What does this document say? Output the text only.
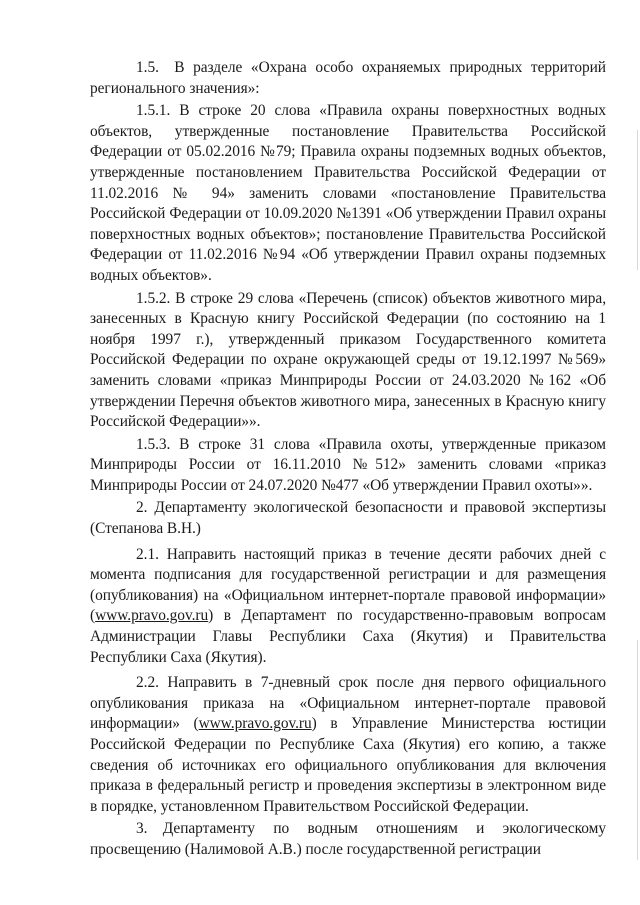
1.5. В разделе «Охрана особо охраняемых природных территорий регионального значения»:

1.5.1. В строке 20 слова «Правила охраны поверхностных водных объектов, утвержденные постановление Правительства Российской Федерации от 05.02.2016 №79; Правила охраны подземных водных объектов, утвержденные постановлением Правительства Российской Федерации от 11.02.2016 № 94» заменить словами «постановление Правительства Российской Федерации от 10.09.2020 №1391 «Об утверждении Правил охраны поверхностных водных объектов»; постановление Правительства Российской Федерации от 11.02.2016 №94 «Об утверждении Правил охраны подземных водных объектов».

1.5.2. В строке 29 слова «Перечень (список) объектов животного мира, занесенных в Красную книгу Российской Федерации (по состоянию на 1 ноября 1997 г.), утвержденный приказом Государственного комитета Российской Федерации по охране окружающей среды от 19.12.1997 №569» заменить словами «приказ Минприроды России от 24.03.2020 №162 «Об утверждении Перечня объектов животного мира, занесенных в Красную книгу Российской Федерации»».

1.5.3. В строке 31 слова «Правила охоты, утвержденные приказом Минприроды России от 16.11.2010 №512» заменить словами «приказ Минприроды России от 24.07.2020 №477 «Об утверждении Правил охоты»».

2. Департаменту экологической безопасности и правовой экспертизы (Степанова В.Н.)

2.1. Направить настоящий приказ в течение десяти рабочих дней с момента подписания для государственной регистрации и для размещения (опубликования) на «Официальном интернет-портале правовой информации» (www.pravo.gov.ru) в Департамент по государственно-правовым вопросам Администрации Главы Республики Саха (Якутия) и Правительства Республики Саха (Якутия).

2.2. Направить в 7-дневный срок после дня первого официального опубликования приказа на «Официальном интернет-портале правовой информации» (www.pravo.gov.ru) в Управление Министерства юстиции Российской Федерации по Республике Саха (Якутия) его копию, а также сведения об источниках его официального опубликования для включения приказа в федеральный регистр и проведения экспертизы в электронном виде в порядке, установленном Правительством Российской Федерации.

3. Департаменту по водным отношениям и экологическому просвещению (Налимовой А.В.) после государственной регистрации
